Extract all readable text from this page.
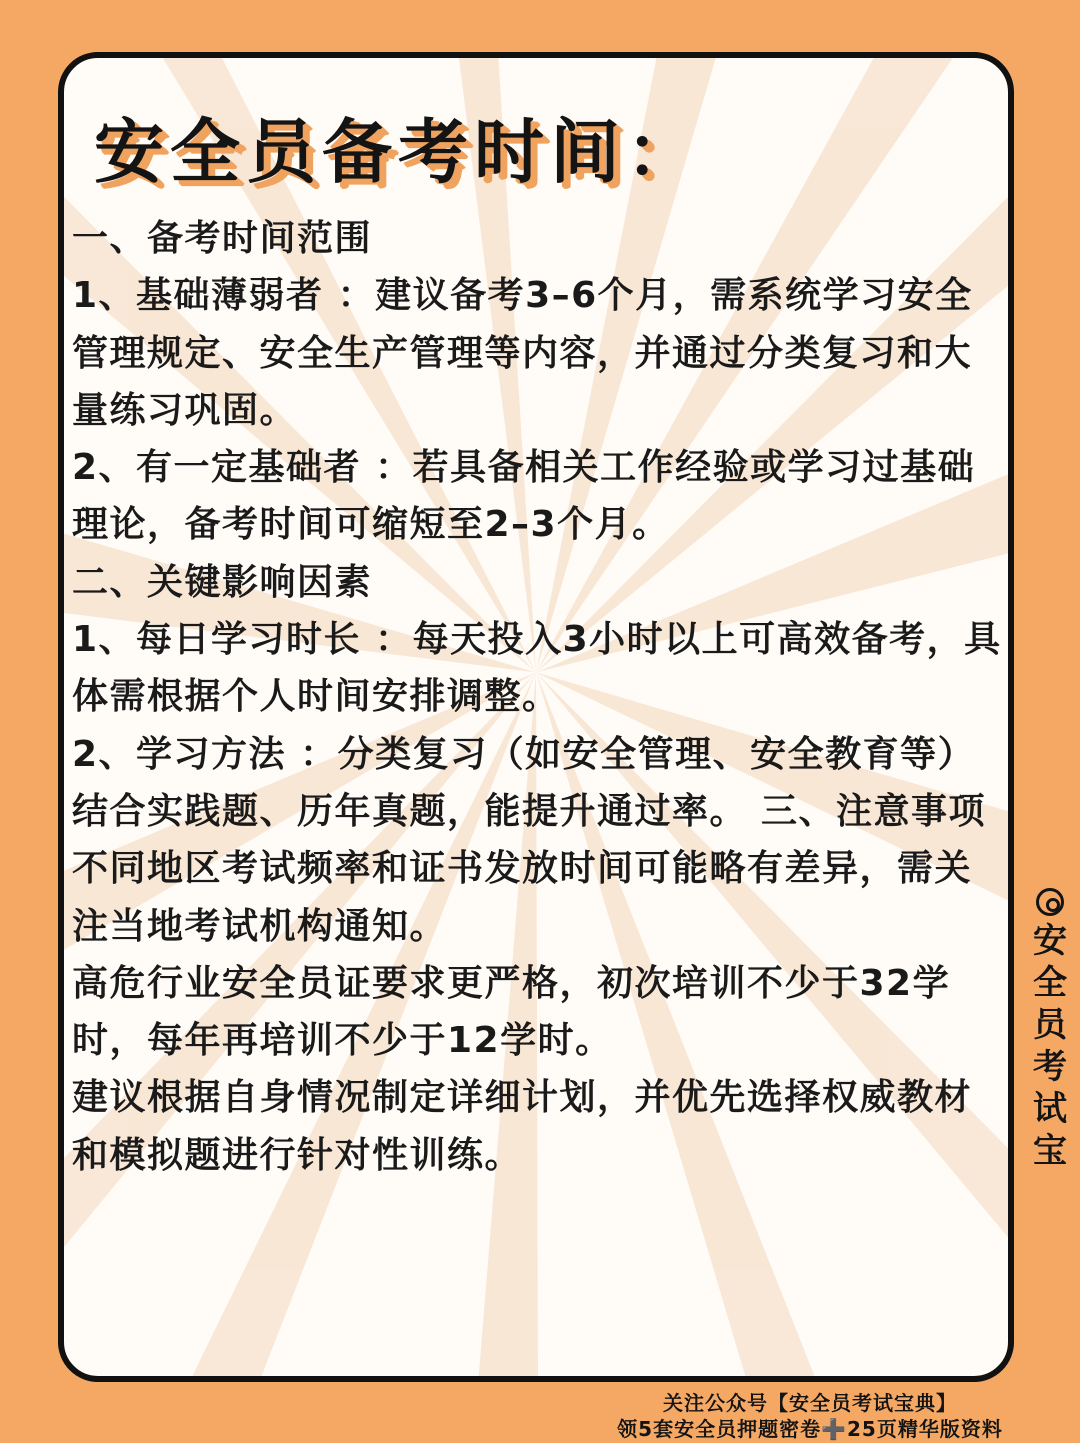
安全员备考时间：

一、备考时间范围

1、基础薄弱者 ：建议备考3–6个月，需系统学习安全管理规定、安全生产管理等内容，并通过分类复习和大量练习巩固。

2、有一定基础者 ：若具备相关工作经验或学习过基础理论，备考时间可缩短至2–3个月。

二、关键影响因素

1、每日学习时长 ：每天投入3小时以上可高效备考，具体需根据个人时间安排调整。

2、学习方法 ：分类复习（如安全管理、安全教育等）结合实践题、历年真题，能提升通过率。 三、注意事项

不同地区考试频率和证书发放时间可能略有差异，需关注当地考试机构通知。

高危行业安全员证要求更严格，初次培训不少于32学时，每年再培训不少于12学时。

建议根据自身情况制定详细计划，并优先选择权威教材和模拟题进行针对性训练。

安
全
员
考
试
宝
关注公众号【安全员考试宝典】
领5套安全员押题密卷➕25页精华版资料
